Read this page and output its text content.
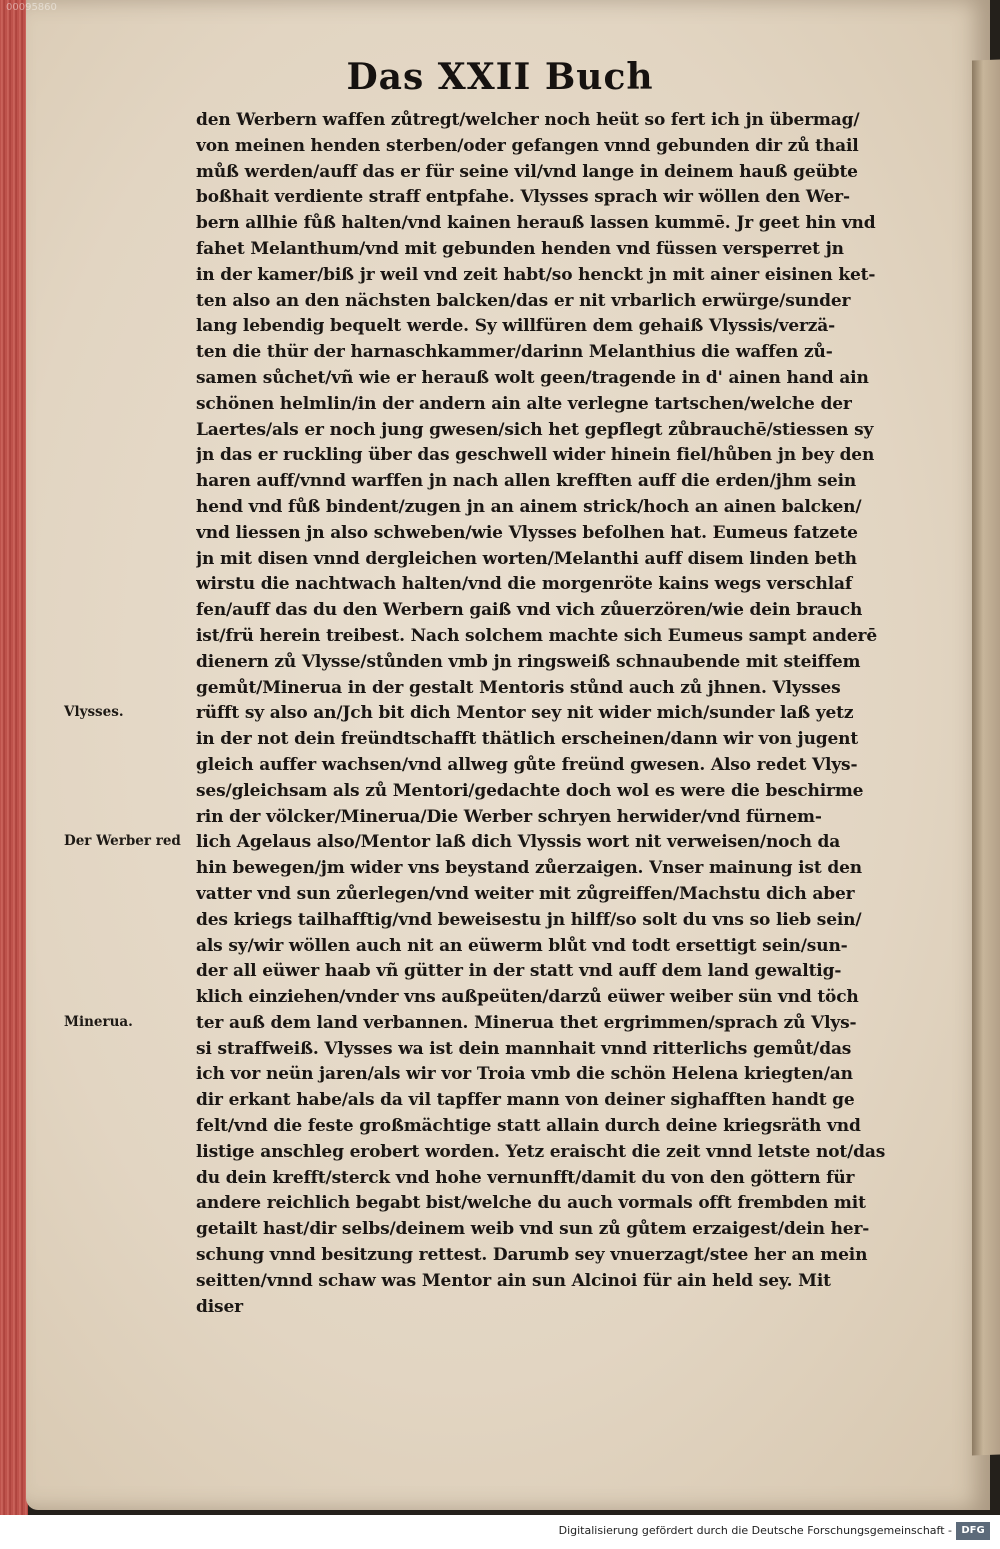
00095860
Das XXII Buch
den Werbern waffen zůtregt/welcher noch heüt so fert ich jn übermag/
von meinen henden sterben/oder gefangen vnnd gebunden dir zů thail
můß werden/auff das er für seine vil/vnd lange in deinem hauß geübte
boßhait verdiente straff entpfahe. Vlysses sprach wir wöllen den Wer-
bern allhie fůß halten/vnd kainen herauß lassen kummē. Jr geet hin vnd
fahet Melanthum/vnd mit gebunden henden vnd füssen versperret jn
in der kamer/biß jr weil vnd zeit habt/so henckt jn mit ainer eisinen ket-
ten also an den nächsten balcken/das er nit vrbarlich erwürge/sunder
lang lebendig bequelt werde. Sy willfüren dem gehaiß Vlyssis/verzä-
ten die thür der harnaschkammer/darinn Melanthius die waffen zů-
samen sůchet/vñ wie er herauß wolt geen/tragende in d' ainen hand ain
schönen helmlin/in der andern ain alte verlegne tartschen/welche der
Laertes/als er noch jung gwesen/sich het gepflegt zůbrauchē/stiessen sy
jn das er ruckling über das geschwell wider hinein fiel/hůben jn bey den
haren auff/vnnd warffen jn nach allen krefften auff die erden/jhm sein
hend vnd fůß bindent/zugen jn an ainem strick/hoch an ainen balcken/
vnd liessen jn also schweben/wie Vlysses befolhen hat. Eumeus fatzete
jn mit disen vnnd dergleichen worten/Melanthi auff disem linden beth
wirstu die nachtwach halten/vnd die morgenröte kains wegs verschlaf
fen/auff das du den Werbern gaiß vnd vich zůuerzören/wie dein brauch
ist/frü herein treibest. Nach solchem machte sich Eumeus sampt anderē
dienern zů Vlysse/stůnden vmb jn ringsweiß schnaubende mit steiffem
gemůt/Minerua in der gestalt Mentoris stůnd auch zů jhnen. Vlysses
rüfft sy also an/Jch bit dich Mentor sey nit wider mich/sunder laß yetz
in der not dein freündtschafft thätlich erscheinen/dann wir von jugent
gleich auffer wachsen/vnd allweg gůte freünd gwesen. Also redet Vlys-
ses/gleichsam als zů Mentori/gedachte doch wol es were die beschirme
rin der völcker/Minerua/Die Werber schryen herwider/vnd fürnem-
lich Agelaus also/Mentor laß dich Vlyssis wort nit verweisen/noch da
hin bewegen/jm wider vns beystand zůerzaigen. Vnser mainung ist den
vatter vnd sun zůerlegen/vnd weiter mit zůgreiffen/Machstu dich aber
des kriegs tailhafftig/vnd beweisestu jn hilff/so solt du vns so lieb sein/
als sy/wir wöllen auch nit an eüwerm blůt vnd todt ersettigt sein/sun-
der all eüwer haab vñ gütter in der statt vnd auff dem land gewaltig-
klich einziehen/vnder vns außpeüten/darzů eüwer weiber sün vnd töch
ter auß dem land verbannen. Minerua thet ergrimmen/sprach zů Vlys-
si straffweiß. Vlysses wa ist dein mannhait vnnd ritterlichs gemůt/das
ich vor neün jaren/als wir vor Troia vmb die schön Helena kriegten/an
dir erkant habe/als da vil tapffer mann von deiner sighafften handt ge
felt/vnd die feste großmächtige statt allain durch deine kriegsräth vnd
listige anschleg erobert worden. Yetz eraischt die zeit vnnd letste not/das
du dein krefft/sterck vnd hohe vernunfft/damit du von den göttern für
andere reichlich begabt bist/welche du auch vormals offt frembden mit
getailt hast/dir selbs/deinem weib vnd sun zů gůtem erzaigest/dein her-
schung vnnd besitzung rettest. Darumb sey vnuerzagt/stee her an mein
seitten/vnnd schaw was Mentor ain sun Alcinoi für ain held sey. Mit
diser
Vlysses.
Der Werber red
Minerua.
Digitalisierung gefördert durch die Deutsche Forschungsgemeinschaft - DFG
